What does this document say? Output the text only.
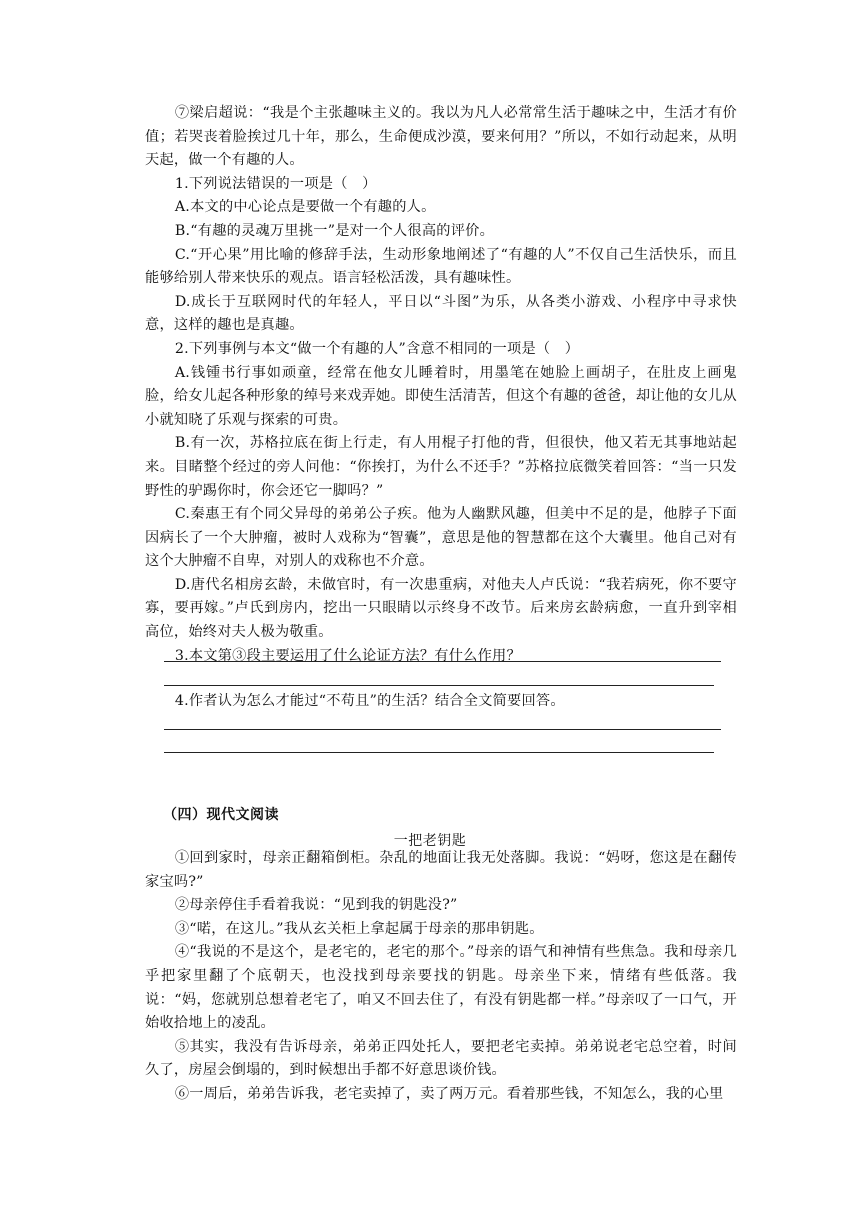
⑦梁启超说：“我是个主张趣味主义的。我以为凡人必常常生活于趣味之中，生活才有价值；若哭丧着脸挨过几十年，那么，生命便成沙漠，要来何用？”所以，不如行动起来，从明天起，做一个有趣的人。

1.下列说法错误的一项是（　）

A.本文的中心论点是要做一个有趣的人。

B.“有趣的灵魂万里挑一”是对一个人很高的评价。

C.“开心果”用比喻的修辞手法，生动形象地阐述了“有趣的人”不仅自己生活快乐，而且能够给别人带来快乐的观点。语言轻松活泼，具有趣味性。

D.成长于互联网时代的年轻人，平日以“斗图”为乐，从各类小游戏、小程序中寻求快意，这样的趣也是真趣。

2.下列事例与本文“做一个有趣的人”含意不相同的一项是（　）

A.钱锺书行事如顽童，经常在他女儿睡着时，用墨笔在她脸上画胡子，在肚皮上画鬼脸，给女儿起各种形象的绰号来戏弄她。即使生活清苦，但这个有趣的爸爸，却让他的女儿从小就知晓了乐观与探索的可贵。

B.有一次，苏格拉底在街上行走，有人用棍子打他的背，但很快，他又若无其事地站起来。目睹整个经过的旁人问他：“你挨打，为什么不还手？”苏格拉底微笑着回答：“当一只发野性的驴踢你时，你会还它一脚吗？”

C.秦惠王有个同父异母的弟弟公子疾。他为人幽默风趣，但美中不足的是，他脖子下面因病长了一个大肿瘤，被时人戏称为“智囊”，意思是他的智慧都在这个大囊里。他自己对有这个大肿瘤不自卑，对别人的戏称也不介意。

D.唐代名相房玄龄，未做官时，有一次患重病，对他夫人卢氏说：“我若病死，你不要守寡，要再嫁。”卢氏到房内，挖出一只眼睛以示终身不改节。后来房玄龄病愈，一直升到宰相高位，始终对夫人极为敬重。

3.本文第③段主要运用了什么论证方法？有什么作用？

4.作者认为怎么才能过“不苟且”的生活？结合全文简要回答。

（四）现代文阅读
一把老钥匙

①回到家时，母亲正翻箱倒柜。杂乱的地面让我无处落脚。我说：“妈呀，您这是在翻传家宝吗?”

②母亲停住手看着我说：“见到我的钥匙没?”

③“喏，在这儿。”我从玄关柜上拿起属于母亲的那串钥匙。

④“我说的不是这个，是老宅的，老宅的那个。”母亲的语气和神情有些焦急。我和母亲几乎把家里翻了个底朝天，也没找到母亲要找的钥匙。母亲坐下来，情绪有些低落。我说：“妈，您就别总想着老宅了，咱又不回去住了，有没有钥匙都一样。”母亲叹了一口气，开始收拾地上的凌乱。

⑤其实，我没有告诉母亲，弟弟正四处托人，要把老宅卖掉。弟弟说老宅总空着，时间久了，房屋会倒塌的，到时候想出手都不好意思谈价钱。

⑥一周后，弟弟告诉我，老宅卖掉了，卖了两万元。看着那些钱，不知怎么，我的心里
